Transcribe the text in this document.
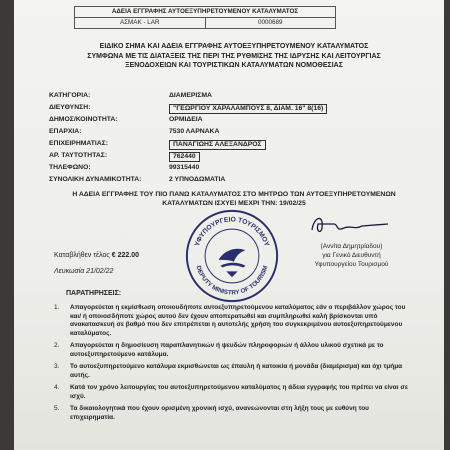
ΑΔΕΙΑ ΕΓΓΡΑΦΗΣ ΑΥΤΟΕΞΥΠΗΡΕΤΟΥΜΕΝΟΥ ΚΑΤΑΛΥΜΑΤΟΣ
ΑΣΜΑΚ - LAR	0000689
ΕΙΔΙΚΟ ΣΗΜΑ ΚΑΙ ΑΔΕΙΑ ΕΓΓΡΑΦΗΣ ΑΥΤΟΕΞΥΠΗΡΕΤΟΥΜΕΝΟΥ ΚΑΤΑΛΥΜΑΤΟΣ
ΣΥΜΦΩΝΑ ΜΕ ΤΙΣ ΔΙΑΤΑΞΕΙΣ ΤΗΣ ΠΕΡΙ ΤΗΣ ΡΥΘΜΙΣΗΣ ΤΗΣ ΙΔΡΥΣΗΣ ΚΑΙ ΛΕΙΤΟΥΡΓΙΑΣ
ΞΕΝΟΔΟΧΕΙΩΝ ΚΑΙ ΤΟΥΡΙΣΤΙΚΩΝ ΚΑΤΑΛΥΜΑΤΩΝ ΝΟΜΟΘΕΣΙΑΣ
ΚΑΤΗΓΟΡΙΑ:	ΔΙΑΜΕΡΙΣΜΑ
ΔΙΕΥΘΥΝΣΗ:	"ΓΕΩΡΓΙΟΥ ΧΑΡΑΛΑΜΠΟΥΣ 8, ΔΙΑΜ. 16" 8(16)
ΔΗΜΟΣ/ΚΟΙΝΟΤΗΤΑ:	ΟΡΜΙΔΕΙΑ
ΕΠΑΡΧΙΑ:	7530 ΛΑΡΝΑΚΑ
ΕΠΙΧΕΙΡΗΜΑΤΙΑΣ:	ΠΑΝΑΓΙΩΗΣ ΑΛΕΞΑΝΔΡΟΣ
ΑΡ. ΤΑΥΤΟΤΗΤΑΣ:	762440
ΤΗΛΕΦΩΝΟ:	99315440
ΣΥΝΟΛΙΚΗ ΔΥΝΑΜΙΚΟΤΗΤΑ:	2 ΥΠΝΟΔΩΜΑΤΙΑ
Η ΑΔΕΙΑ ΕΓΓΡΑΦΗΣ ΤΟΥ ΠΙΟ ΠΑΝΩ ΚΑΤΑΛΥΜΑΤΟΣ ΣΤΟ ΜΗΤΡΩΟ ΤΩΝ ΑΥΤΟΕΞΥΠΗΡΕΤΟΥΜΕΝΩΝ
ΚΑΤΑΛΥΜΑΤΩΝ ΙΣΧΥΕΙ ΜΕΧΡΙ ΤΗΝ: 19/02/25
ΥΦΥΠΟΥΡΓΕΙΟ ΤΟΥΡΙΣΜΟΥ
DEPUTY MINISTRY OF TOURISM
(Αννίτα Δημητρίαδου)
για Γενικό Διευθυντή
Υφυπουργείου Τουρισμού
Καταβλήθεν τέλος € 222.00
Λευκωσία 21/02/22
ΠΑΡΑΤΗΡΗΣΕΙΣ:
1.	Απαγορεύεται η εκμίσθωση οποιουδήποτε αυτοεξυπηρετούμενου καταλύματος εάν ο περιβάλλον χώρος του και/ ή οποιοσδήποτε χώρος αυτού δεν έχουν αποπερατωθεί και συμπληρωθεί καλή βρίσκονται υπό ανακατασκευή σε βαθμό που δεν επιτρέπεται η αυτοτελής χρήση του συγκεκριμένου αυτοεξυπηρετούμενου καταλύματος.
2.	Απαγορεύεται η δημοσίευση παραπλανητικών ή ψευδών πληροφοριών ή άλλου υλικού σχετικά με το αυτοεξυπηρετούμενο κατάλυμα.
3.	Το αυτοεξυπηρετούμενο κατάλυμα εκμισθώνεται ως έπαυλη ή κατοικία ή μονάδα (διαμέρισμα) και όχι τμήμα αυτής.
4.	Κατά τον χρόνο λειτουργίας του αυτοεξυπηρετούμενου καταλύματος η άδεια εγγραφής του πρέπει να είναι σε ισχύ.
5.	Τα δικαιολογητικά που έχουν ορισμένη χρονική ισχύ, ανανεώνονται στη λήξη τους με ευθύνη του επιχειρηματία.
